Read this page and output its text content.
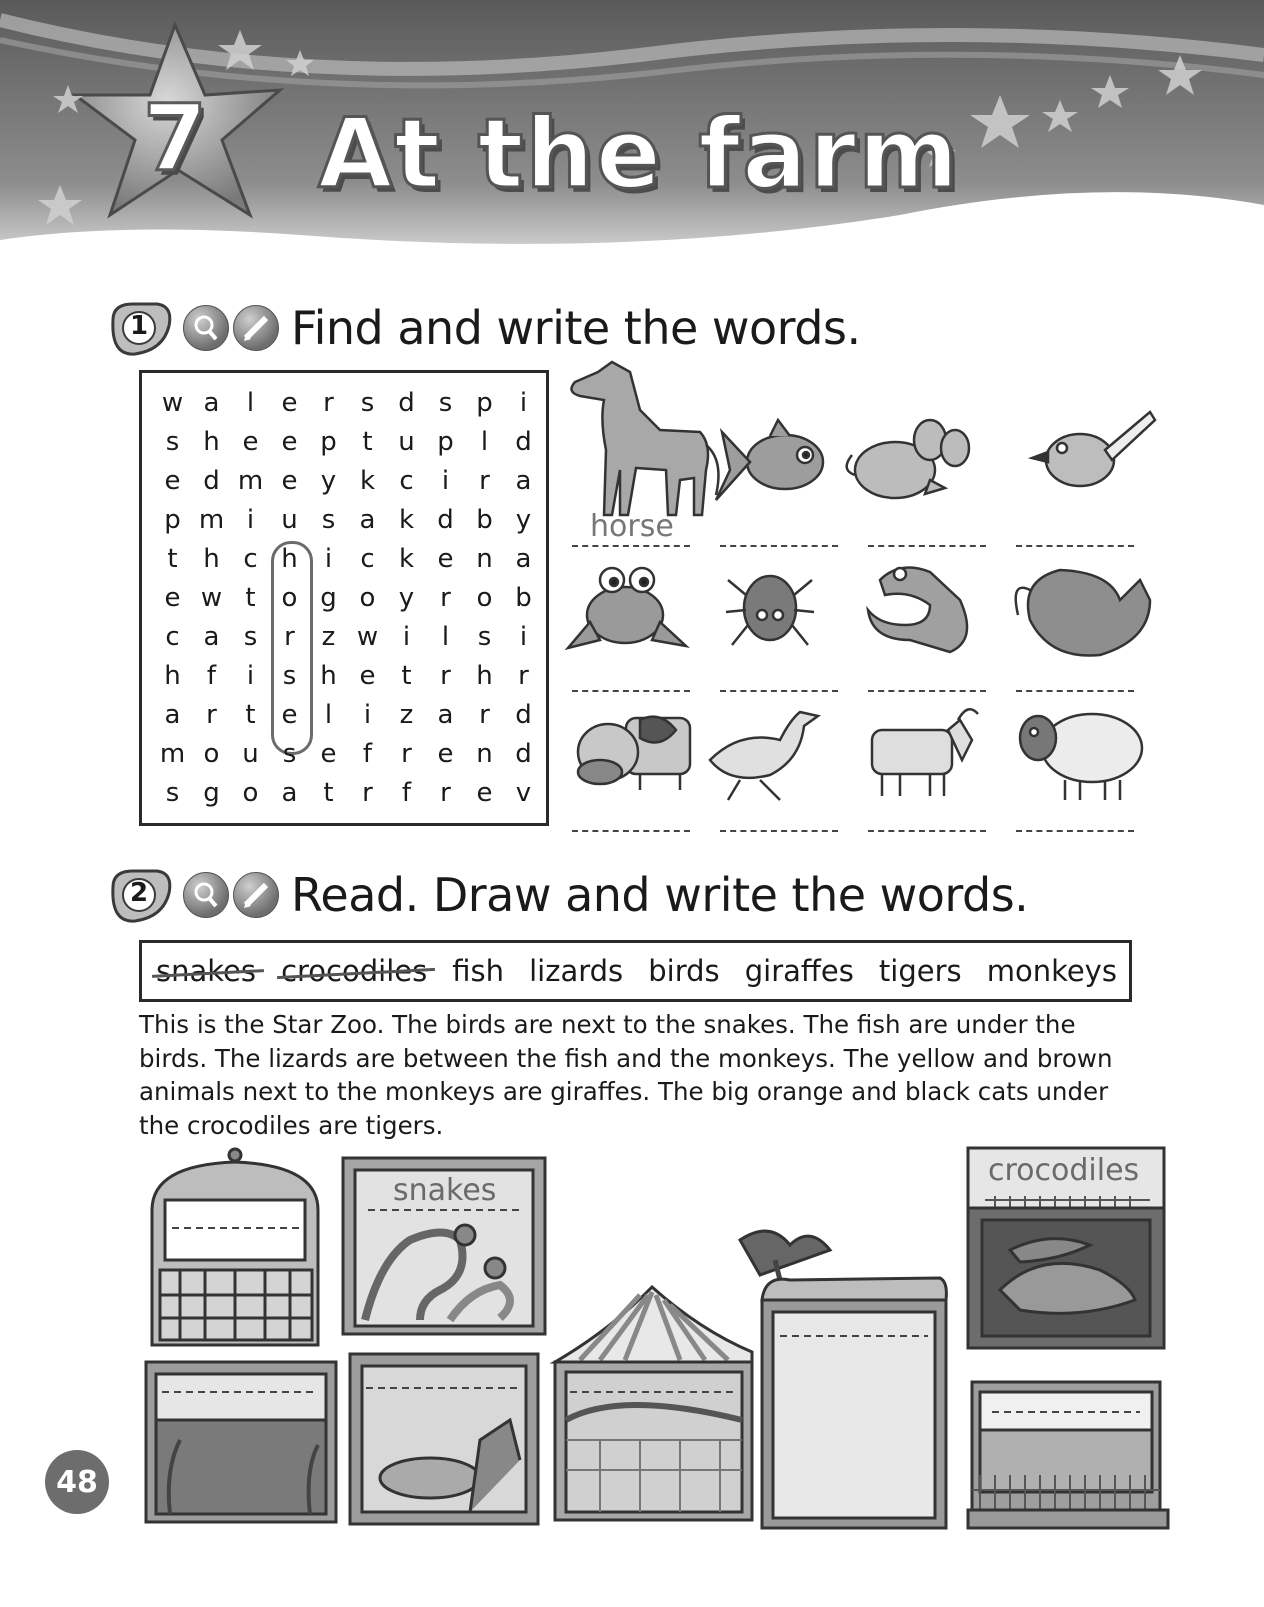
7 At the farm
1	Find and write the words.
w a	l	e r	s d s p	i
s h e e p t u p	l	d
e d m e y k c	i	r a
p m i	u s a k d b y
t h c h	i	c k e n a
e w t o g o y r o b
c a s	r	z w i	l	s	i
h	f	i	s h e t	r h r
a r	t e	l	i	z a r d
m o u s e	f	r e n d
s g o a t	r	f	r e v
horse
2	Read. Draw and write the words.
snakes crocodiles fish lizards birds giraffes tigers monkeys
This is the Star Zoo. The birds are next to the snakes. The fish are under the birds. The lizards are between the fish and the monkeys. The yellow and brown animals next to the monkeys are giraffes. The big orange and black cats under the crocodiles are tigers.
snakes
crocodiles
48
